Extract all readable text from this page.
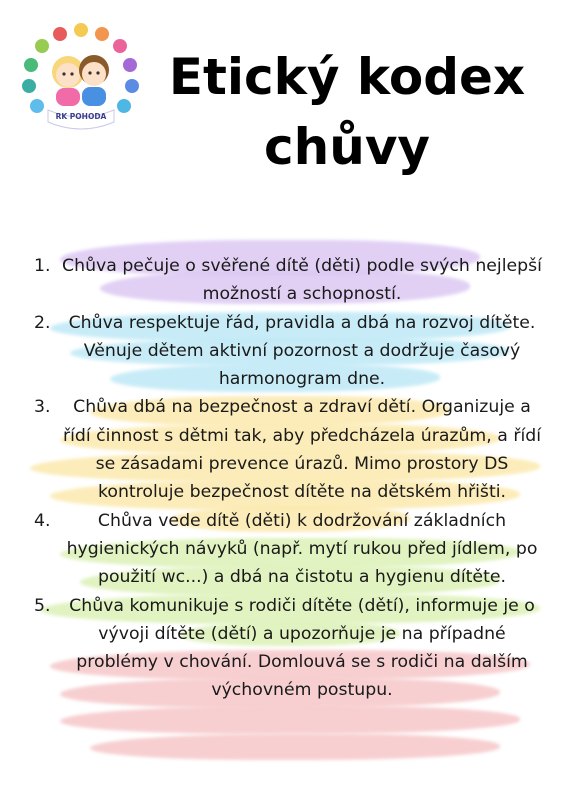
RK POHODA
Etický kodex
chůvy
1. Chůva pečuje o svěřené dítě (děti) podle svých nejlepší možností a schopností.
2.	Chůva respektuje řád, pravidla a dbá na rozvoj dítěte. Věnuje dětem aktivní pozornost a dodržuje časový harmonogram dne.
3.	Chůva dbá na bezpečnost a zdraví dětí. Organizuje a řídí činnost s dětmi tak, aby předcházela úrazům, a řídí se zásadami prevence úrazů. Mimo prostory DS kontroluje bezpečnost dítěte na dětském hřišti.
4.	Chůva vede dítě (děti) k dodržování základních hygienických návyků (např. mytí rukou před jídlem, po použití wc...) a dbá na čistotu a hygienu dítěte.
5.	Chůva komunikuje s rodiči dítěte (dětí), informuje je o vývoji dítěte (dětí) a upozorňuje je na případné problémy v chování. Domlouvá se s rodiči na dalším výchovném postupu.
